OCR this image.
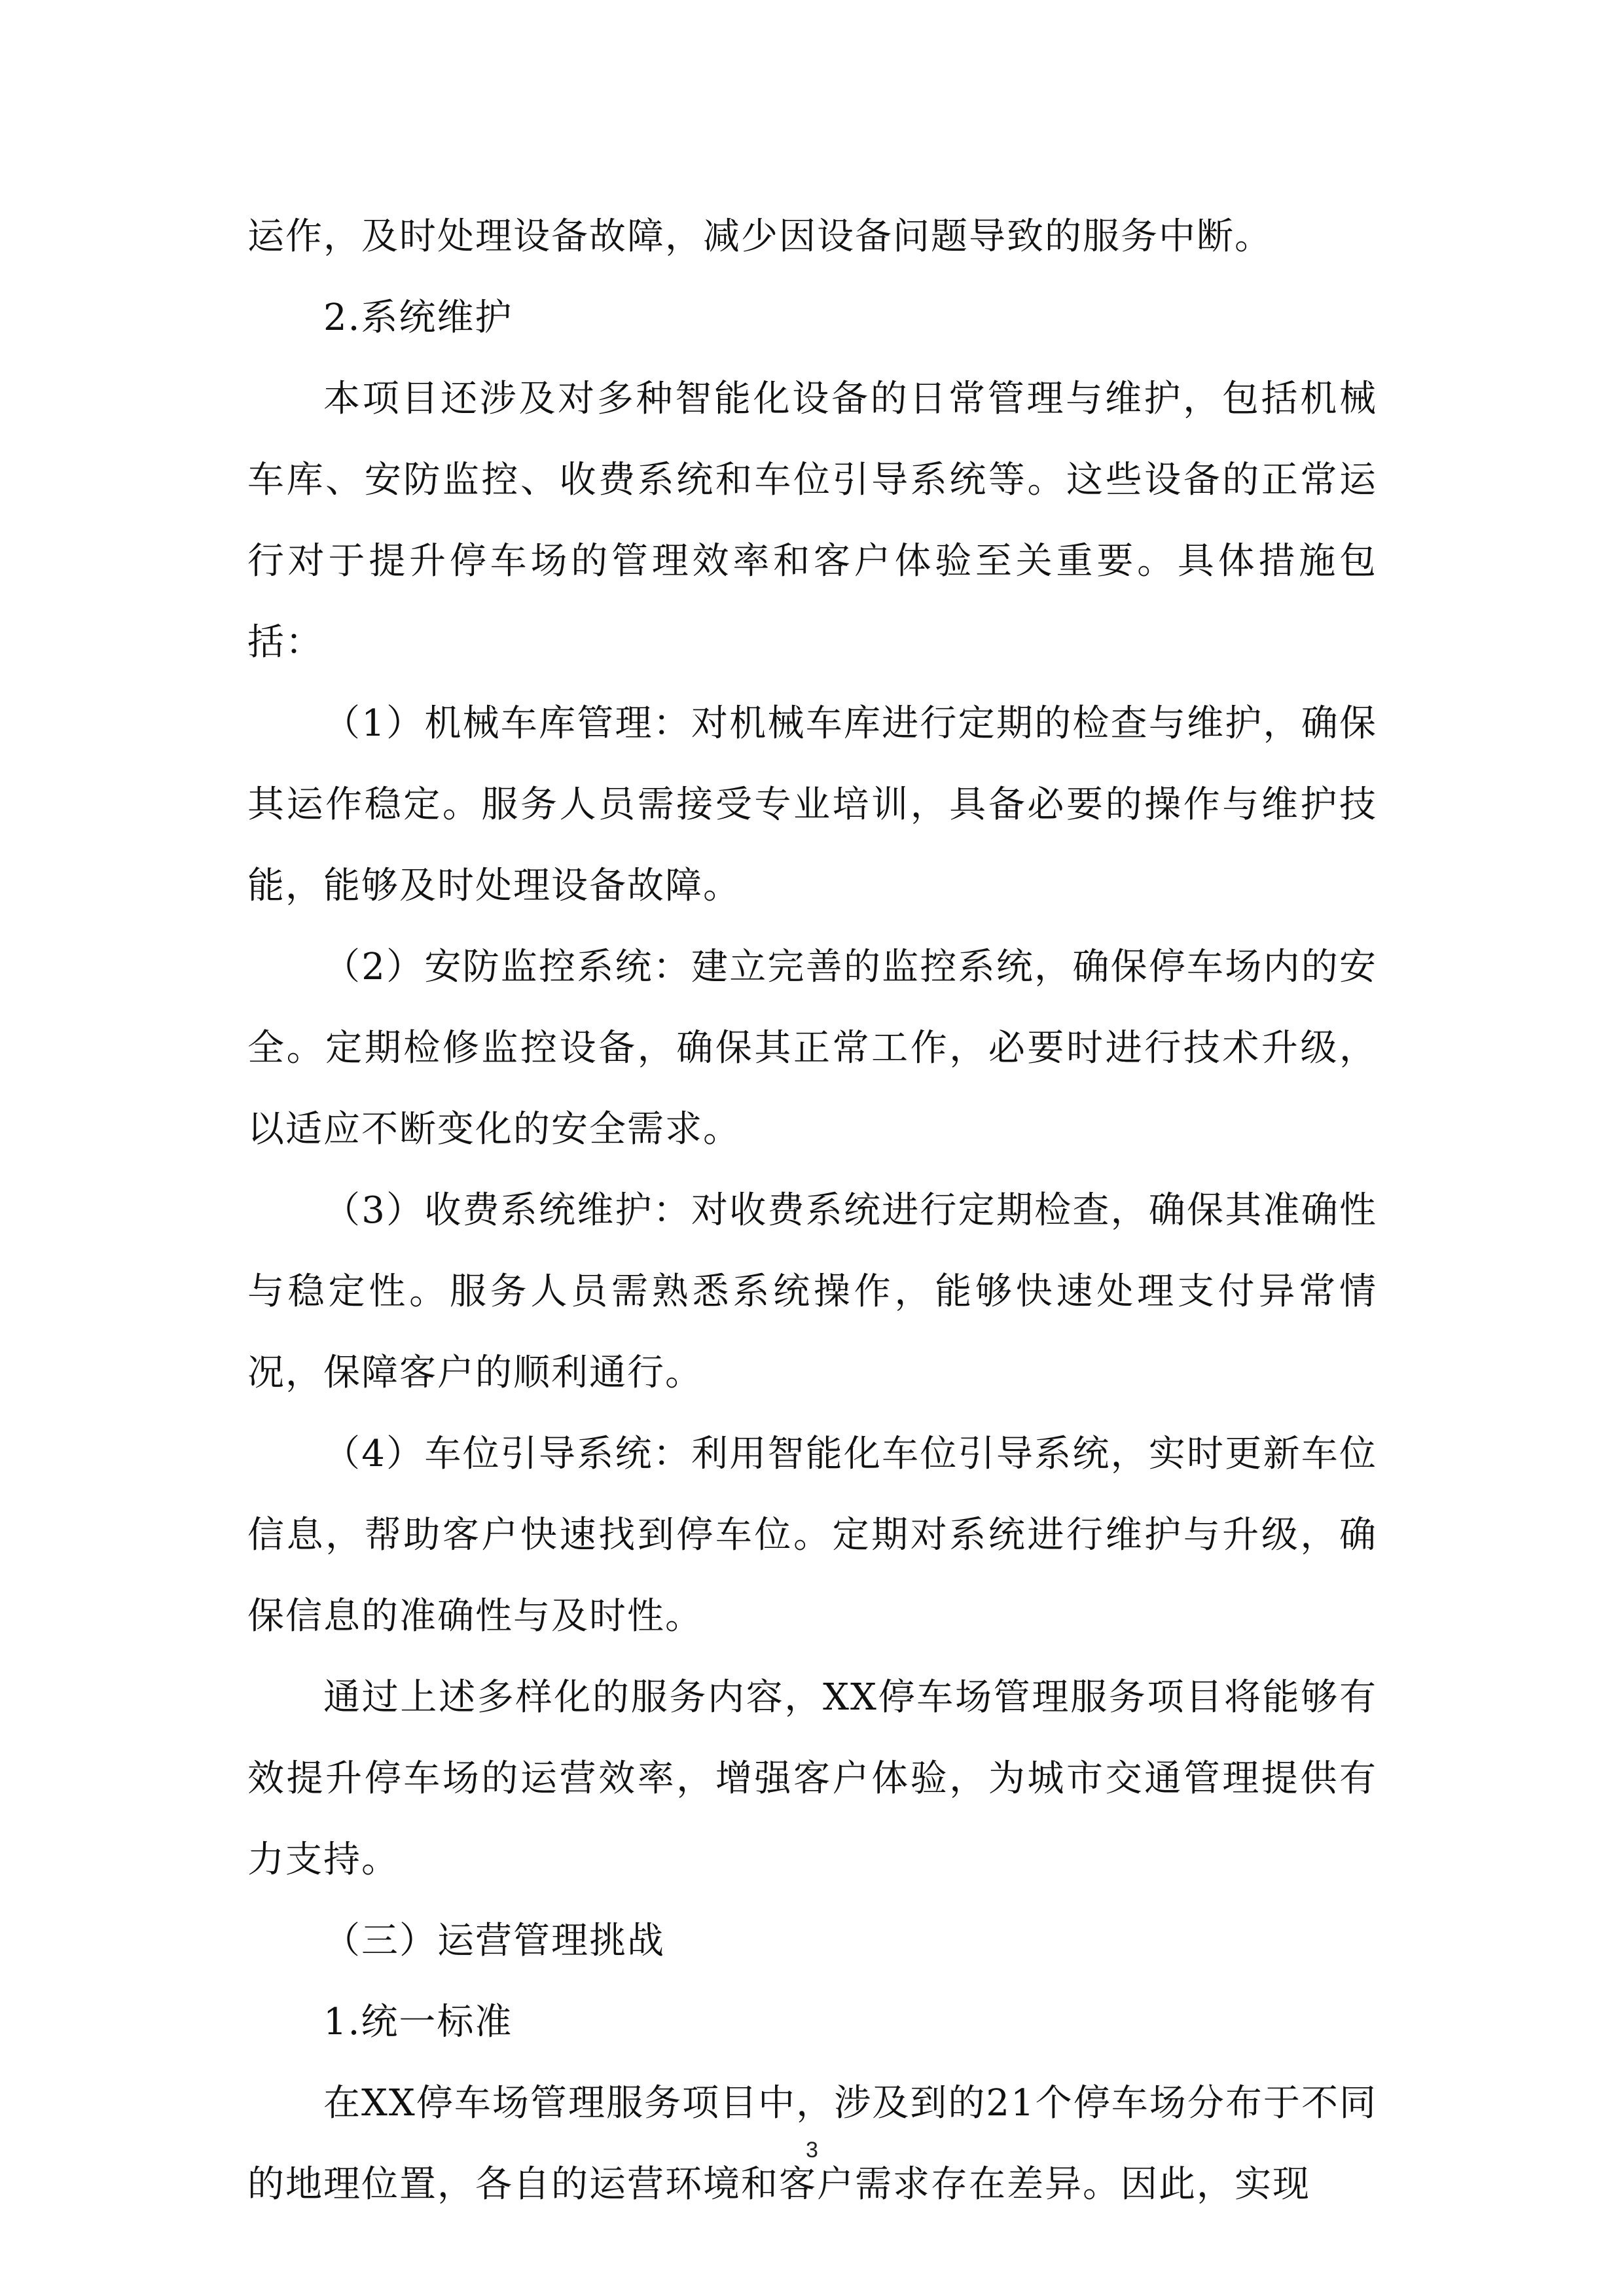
运作，及时处理设备故障，减少因设备问题导致的服务中断。

2.系统维护

本项目还涉及对多种智能化设备的日常管理与维护，包括机械车库、安防监控、收费系统和车位引导系统等。这些设备的正常运行对于提升停车场的管理效率和客户体验至关重要。具体措施包括：

（1）机械车库管理：对机械车库进行定期的检查与维护，确保其运作稳定。服务人员需接受专业培训，具备必要的操作与维护技能，能够及时处理设备故障。

（2）安防监控系统：建立完善的监控系统，确保停车场内的安全。定期检修监控设备，确保其正常工作，必要时进行技术升级，以适应不断变化的安全需求。

（3）收费系统维护：对收费系统进行定期检查，确保其准确性与稳定性。服务人员需熟悉系统操作，能够快速处理支付异常情况，保障客户的顺利通行。

（4）车位引导系统：利用智能化车位引导系统，实时更新车位信息，帮助客户快速找到停车位。定期对系统进行维护与升级，确保信息的准确性与及时性。

通过上述多样化的服务内容，XX停车场管理服务项目将能够有效提升停车场的运营效率，增强客户体验，为城市交通管理提供有力支持。

（三）运营管理挑战

1.统一标准

在XX停车场管理服务项目中，涉及到的21个停车场分布于不同的地理位置，各自的运营环境和客户需求存在差异。因此，实现

3
